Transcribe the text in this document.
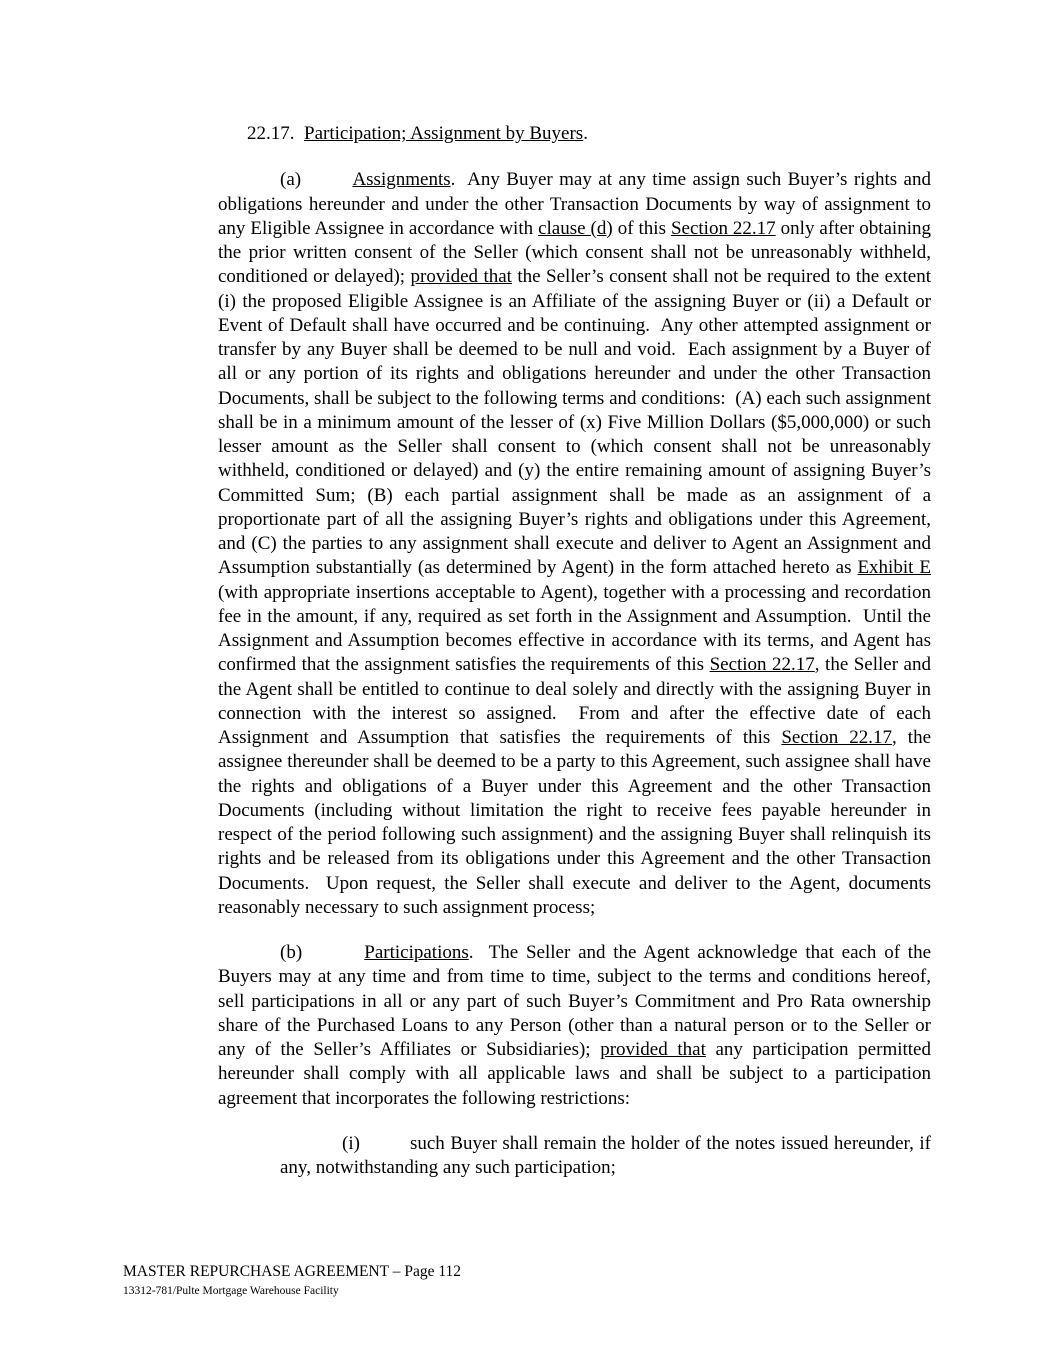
22.17.  Participation; Assignment by Buyers.

(a)        Assignments.  Any Buyer may at any time assign such Buyer’s rights and obligations hereunder and under the other Transaction Documents by way of assignment to any Eligible Assignee in accordance with clause (d) of this Section 22.17 only after obtaining the prior written consent of the Seller (which consent shall not be unreasonably withheld, conditioned or delayed); provided that the Seller’s consent shall not be required to the extent (i) the proposed Eligible Assignee is an Affiliate of the assigning Buyer or (ii) a Default or Event of Default shall have occurred and be continuing.  Any other attempted assignment or transfer by any Buyer shall be deemed to be null and void.  Each assignment by a Buyer of all or any portion of its rights and obligations hereunder and under the other Transaction Documents, shall be subject to the following terms and conditions:  (A) each such assignment shall be in a minimum amount of the lesser of (x) Five Million Dollars ($5,000,000) or such lesser amount as the Seller shall consent to (which consent shall not be unreasonably withheld, conditioned or delayed) and (y) the entire remaining amount of assigning Buyer’s Committed Sum; (B) each partial assignment shall be made as an assignment of a proportionate part of all the assigning Buyer’s rights and obligations under this Agreement, and (C) the parties to any assignment shall execute and deliver to Agent an Assignment and Assumption substantially (as determined by Agent) in the form attached hereto as Exhibit E (with appropriate insertions acceptable to Agent), together with a processing and recordation fee in the amount, if any, required as set forth in the Assignment and Assumption.  Until the Assignment and Assumption becomes effective in accordance with its terms, and Agent has confirmed that the assignment satisfies the requirements of this Section 22.17, the Seller and the Agent shall be entitled to continue to deal solely and directly with the assigning Buyer in connection with the interest so assigned.  From and after the effective date of each Assignment and Assumption that satisfies the requirements of this Section 22.17, the assignee thereunder shall be deemed to be a party to this Agreement, such assignee shall have the rights and obligations of a Buyer under this Agreement and the other Transaction Documents (including without limitation the right to receive fees payable hereunder in respect of the period following such assignment) and the assigning Buyer shall relinquish its rights and be released from its obligations under this Agreement and the other Transaction Documents.  Upon request, the Seller shall execute and deliver to the Agent, documents reasonably necessary to such assignment process;

(b)        Participations.  The Seller and the Agent acknowledge that each of the Buyers may at any time and from time to time, subject to the terms and conditions hereof, sell participations in all or any part of such Buyer’s Commitment and Pro Rata ownership share of the Purchased Loans to any Person (other than a natural person or to the Seller or any of the Seller’s Affiliates or Subsidiaries); provided that any participation permitted hereunder shall comply with all applicable laws and shall be subject to a participation agreement that incorporates the following restrictions:

(i)         such Buyer shall remain the holder of the notes issued hereunder, if any, notwithstanding any such participation;

MASTER REPURCHASE AGREEMENT – Page 112

13312-781/Pulte Mortgage Warehouse Facility
